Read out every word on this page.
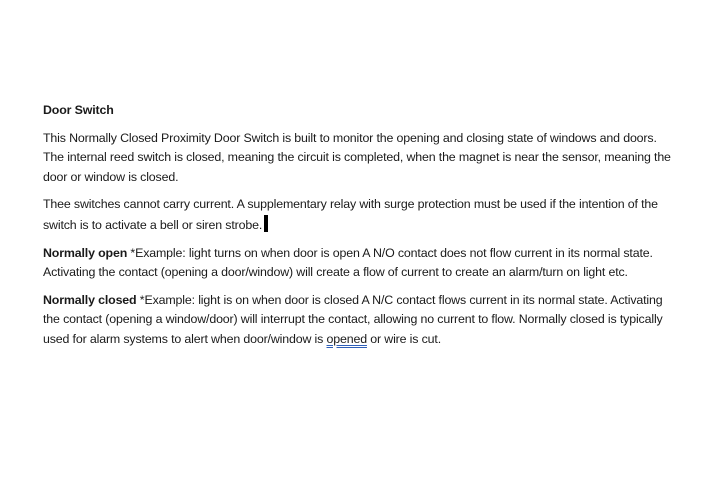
Door Switch

This Normally Closed Proximity Door Switch is built to monitor the opening and closing state of windows and doors. The internal reed switch is closed, meaning the circuit is completed, when the magnet is near the sensor, meaning the door or window is closed.

Thee switches cannot carry current. A supplementary relay with surge protection must be used if the intention of the switch is to activate a bell or siren strobe.

Normally open *Example: light turns on when door is open A N/O contact does not flow current in its normal state. Activating the contact (opening a door/window) will create a flow of current to create an alarm/turn on light etc.

Normally closed *Example: light is on when door is closed A N/C contact flows current in its normal state. Activating the contact (opening a window/door) will interrupt the contact, allowing no current to flow. Normally closed is typically used for alarm systems to alert when door/window is opened or wire is cut.
